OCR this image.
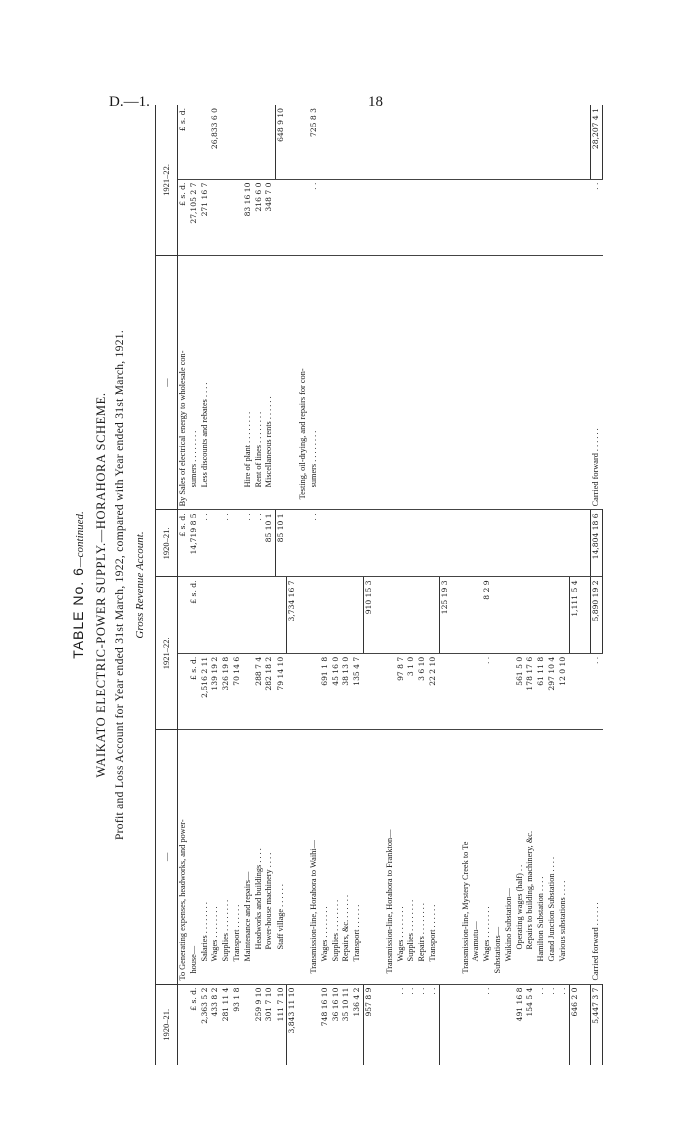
D.—1.	18
TABLE No. 6—continued. WAIKATO ELECTRIC-POWER SUPPLY.—HORAHORA SCHEME. Profit and Loss Account for Year ended 31st March, 1922, compared with Year ended 31st March, 1921. Gross Revenue Account.
1920–21.	—	1921–22.		1920–21.	—	1921–22.	
	To Generating expenses, headworks, and power-			£ s. d.	By Sales of electrical energy to wholesale con-	£ s. d.	£ s. d.
£ s. d.	house—	£ s. d.	£ s. d.	14,719 8 5	sumers . . . . . . . .	27,105 2 7	
2,363 5 2	Salaries . . . . . . . .	2,516 2 11		. .	Less discounts and rebates . . . .	271 16 7	
433 8 2	Wages . . . . . . . .	139 19 2					26,833 6 0
281 11 4	Supplies . . . . . . . .	326 19 8		. .			
93 1 8	Transport . . . . . .	70 14 6					
	Maintenance and repairs—			. .	Hire of plant . . . . . . . .	83 16 10	
259 9 10	Headworks and buildings . . . .	288 7 4		. .	Rent of lines . . . . . . . .	216 6 0	
301 7 10	Power-house machinery . . . .	282 18 2		85 10 1	Miscellaneous rents . . . . . .	348 7 0	
111 7 10	Staff village . . . . . .	79 14 10		85 10 1			648 9 10
3,843 11 10			3,734 16 7				
					Testing, oil-drying, and repairs for con-		
	Transmission-line, Horahora to Waihi—			. .	sumers . . . . . . . .	. .	725 8 3
748 16 10	Wages . . . . . . . .	691 1 8					
36 16 10	Supplies . . . . . . . .	45 16 0					
35 10 11	Repairs, &c. . . . . . .	38 13 0					
136 4 2	Transport . . . . . .	135 4 7					
957 8 9			910 15 3				

	Transmission-line, Horahora to Frankton—						
. .	Wages . . . . . . . .	97 8 7					
. .	Supplies . . . . . . . .	3 1 0					
. .	Repairs . . . . . . . .	3 6 10					
. .	Transport . . . . . .	22 2 10					
			125 19 3				

	Transmission-line, Mystery Creek to Te						
	Awamutu—						
. .	Wages . . . . . . . .	. .	8 2 9				
	Substations—						
	Waikino Substation—						
491 16 8	Operating wages (half) . .	561 5 0					
154 5 4	Repairs to building, machinery, &c.	178 17 6					
. .	Hamilton Substation . . . .	61 11 8					
. .	Grand Junction Substation . . . .	297 10 4					
. .	Various substations . . . .	12 0 10					
646 2 0			1,111 5 4				

5,447 3 7	Carried forward . . . . . .	. .	5,890 19 2	14,804 18 6	Carried forward . . . . . .	. .	28,207 4 1
